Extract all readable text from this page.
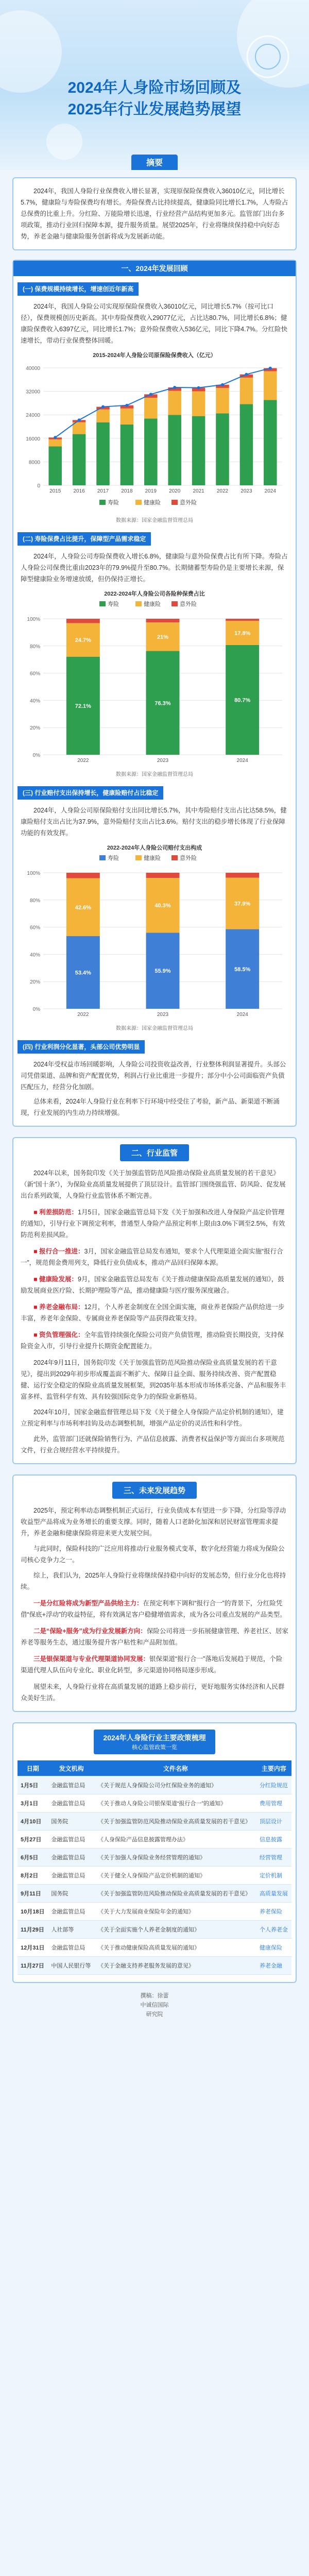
2024年人身险市场回顾及
2025年行业发展趋势展望
摘要

2024年，我国人身险行业保费收入增长显著，实现原保险保费收入36010亿元，同比增长5.7%，健康险与寿险保费均有增长。寿险保费占比持续提高，健康险同比增长1.7%，人寿险占总保费的比重上升。分红险、万能险增长迅速，行业经营产品结构更加多元。监管部门出台多项政策，推动行业回归保障本源，提升服务质量。展望2025年，行业将继续保持稳中向好态势，养老金融与健康险服务创新将成为发展新动能。

一、2024年发展回顾
(一) 保费规模持续增长，增速创近年新高

2024年，我国人身险公司实现原保险保费收入36010亿元，同比增长5.7%（按可比口径），保费规模创历史新高。其中寿险保费收入29077亿元，占比达80.7%，同比增长6.8%；健康险保费收入6397亿元，同比增长1.7%；意外险保费收入536亿元，同比下降4.7%。分红险快速增长，带动行业保费整体回暖。

2015-2024年人身险公司原保险保费收入（亿元）
0
8000
16000
24000
32000
40000
2015 2016 2017 2018 2019 2020 2021 2022 2023 2024
寿险	健康险	意外险
数据来源：国家金融监督管理总局
(二) 寿险保费占比提升，保障型产品需求稳定

2024年，人身险公司寿险保费收入增长6.8%，健康险与意外险保费占比有所下降。寿险占人身险公司保费比重由2023年的79.9%提升至80.7%。长期储蓄型寿险仍是主要增长来源，保障型健康险业务增速放缓，但仍保持正增长。

2022-2024年人身险公司各险种保费占比
0%
20%
40%
60%
80%
100%
72.1%
24.7%
2022
76.3%
21%
2023
80.7%
17.8%
2024
寿险	健康险	意外险
数据来源：国家金融监督管理总局
(三) 行业赔付支出保持增长，健康险赔付占比稳定

2024年，人身险公司原保险赔付支出同比增长5.7%，其中寿险赔付支出占比达58.5%，健康险赔付支出占比为37.9%，意外险赔付支出占比3.6%。赔付支出的稳步增长体现了行业保障功能的有效发挥。

2022-2024年人身险公司赔付支出构成
0%
20%
40%
60%
80%
100%
53.4%
42.6%
2022
55.9%
40.3%
2023
58.5%
37.9%
2024
寿险	健康险	意外险
数据来源：国家金融监督管理总局
(四) 行业利润分化显著，头部公司优势明显

2024年受权益市场回暖影响，人身险公司投资收益改善，行业整体利润显著提升。头部公司凭借渠道、品牌和资产配置优势，利润占行业比重进一步提升；部分中小公司面临资产负债匹配压力，经营分化加剧。

总体来看，2024年人身险行业在利率下行环境中经受住了考验，新产品、新渠道不断涌现，行业发展的内生动力持续增强。

二、行业监管

2024年以来，国务院印发《关于加强监管防范风险推动保险业高质量发展的若干意见》（新“国十条”），为保险业高质量发展提供了顶层设计。监管部门围绕强监管、防风险、促发展出台系列政策，人身险行业监管体系不断完善。

■ 利差损防范：1月5日，国家金融监管总局下发《关于加强和改进人身保险产品定价管理的通知》，引导行业下调预定利率，普通型人身险产品预定利率上限由3.0%下调至2.5%，有效防范利差损风险。

■ 报行合一推进：3月，国家金融监管总局发布通知，要求个人代理渠道全面实施“报行合一”，规范佣金费用列支，降低行业负债成本，推动产品回归保障本源。

■ 健康险发展：9月，国家金融监管总局发布《关于推动健康保险高质量发展的通知》，鼓励发展商业医疗险、长期护理险等产品，推动健康险与医疗服务深度融合。

■ 养老金融布局：12月，个人养老金制度在全国全面实施，商业养老保险产品供给进一步丰富，养老年金保险、专属商业养老保险等产品获得政策支持。

■ 资负管理强化：全年监管持续强化保险公司资产负债管理，推动险资长期投资，支持保险资金入市，引导行业提升长期资金配置能力。

2024年9月11日，国务院印发《关于加强监管防范风险推动保险业高质量发展的若干意见》，提出到2029年初步形成覆盖面不断扩大、保障日益全面、服务持续改善、资产配置稳健、运行安全稳定的保险业高质量发展框架，到2035年基本形成市场体系完备、产品和服务丰富多样、监管科学有效、具有较强国际竞争力的保险业新格局。

2024年10月，国家金融监督管理总局下发《关于健全人身保险产品定价机制的通知》，建立预定利率与市场利率挂钩及动态调整机制，增强产品定价的灵活性和科学性。

此外，监管部门还就保险销售行为、产品信息披露、消费者权益保护等方面出台多项规范文件，行业合规经营水平持续提升。

三、未来发展趋势

2025年，预定利率动态调整机制正式运行，行业负债成本有望进一步下降，分红险等浮动收益型产品将成为业务增长的重要支撑。同时，随着人口老龄化加深和居民财富管理需求提升，养老金融和健康保险将迎来更大发展空间。

与此同时，保险科技的广泛应用将推动行业服务模式变革，数字化经营能力将成为保险公司核心竞争力之一。

综上，我们认为，2025年人身险行业将继续保持稳中向好的发展态势，但行业分化也将持续。

一是分红险将成为新型产品供给主力：在预定利率下调和“报行合一”的背景下，分红险凭借“保底+浮动”的收益特征，将有效满足客户稳健增值需求，成为各公司重点发展的产品类型。

二是“保险+服务”成为行业发展新方向：保险公司将进一步拓展健康管理、养老社区、居家养老等服务生态，通过服务提升客户粘性和产品附加值。

三是银保渠道与专业代理渠道协同发展：银保渠道“报行合一”落地后发展趋于规范，个险渠道代理人队伍向专业化、职业化转型，多元渠道协同格局逐步形成。

展望未来，人身险行业将在高质量发展的道路上稳步前行，更好地服务实体经济和人民群众美好生活。

2024年人身险行业主要政策梳理
核心监管政策一览
日期	发文机构	文件名称	主要内容
1月5日	金融监管总局	《关于规范人身保险公司分红保险业务的通知》	分红险规范
3月1日	金融监管总局	《关于推动人身险公司银保渠道“报行合一”的通知》	费用管理
4月10日	国务院	《关于加强监管防范风险推动保险业高质量发展的若干意见》	顶层设计
5月27日	金融监管总局	《人身保险产品信息披露管理办法》	信息披露
6月5日	金融监管总局	《关于加强人身保险业务经营管理的通知》	经营管理
8月2日	金融监管总局	《关于健全人身保险产品定价机制的通知》	定价机制
9月11日	国务院	《关于加强监管防范风险推动保险业高质量发展的若干意见》	高质量发展
10月18日	金融监管总局	《关于大力发展商业保险年金的通知》	养老保险
11月29日	人社部等	《关于全面实施个人养老金制度的通知》	个人养老金
12月31日	金融监管总局	《关于推动健康保险高质量发展的通知》	健康保险
11月27日	中国人民银行等	《关于金融支持养老服务发展的意见》	养老金融
撰稿：徐蕾
中诚信国际
研究院
